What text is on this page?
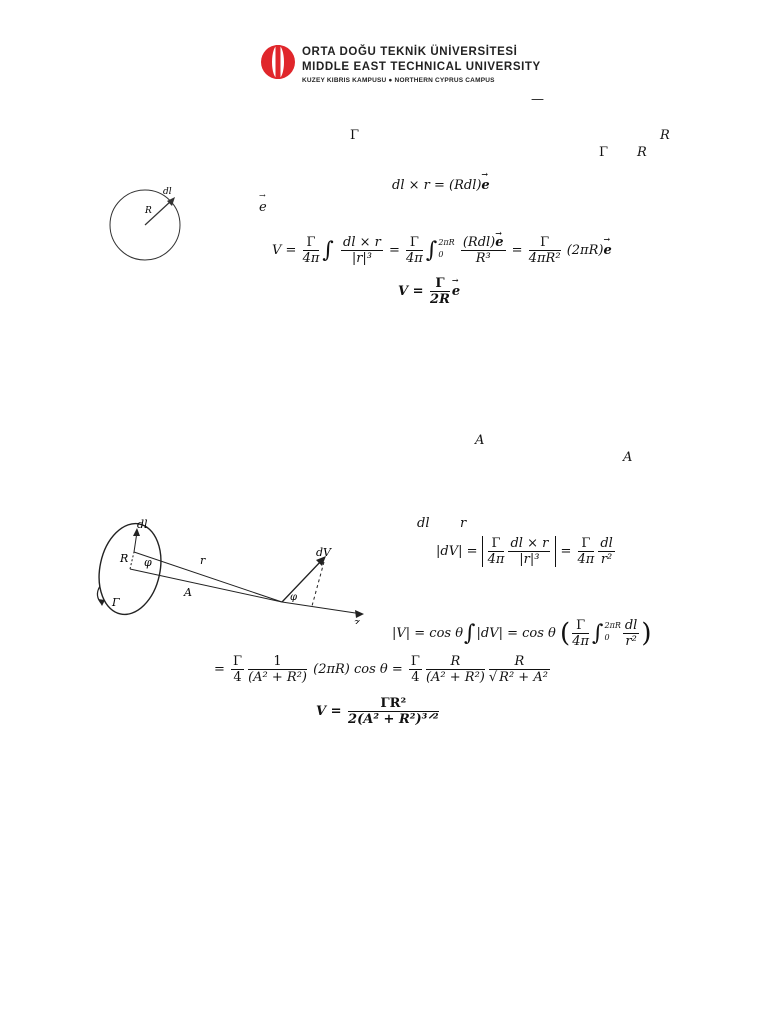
ORTA DOĞU TEKNİK ÜNİVERSİTESİ
MIDDLE EAST TECHNICAL UNIVERSITY
KUZEY KIBRIS KAMPUSU ● NORTHERN CYPRUS CAMPUS
—
Γ	R
Γ R
dl
R
dl × r = (Rdl)→ e
→ e
$V = \frac{\Gamma}{4\pi}$ ∫ $\frac{dl \times r}{\text{|r|³}} = \frac{\Gamma}{4\pi}$ ∫ 2πR
0
	$\frac{\text{(Rdl)→ e}}{\text{R³}} = \frac{\Gamma}{\text{4πR²}} (2\pi R)\to e$
$V = \frac{\Gamma}{2R}$
→ e
A
A
dl r
dl
R φ	r
dV
A	φ
z
Γ
$|dV| = \frac{\Gamma}{4\pi} \frac{dl \times r}{\text{|r|³}} = \frac{\Gamma}{4\pi} \frac{dl}{\text{r²}}$
|V| = cos θ∫|dV| = cos θ ( $\frac{\Gamma}{4\pi}$ ∫ 2πR
0	$\frac{dl}{\text{r²}}$ )
= $\frac{\Gamma}{4} \frac{1}{\text{(A² + R²)}} (2\pi R)$ $\cos \theta = \frac{\Gamma}{4} \frac{R}{\text{(A² + R²)}} \frac{R}{\text{√ R² + A²}}$
$V = \frac{\text{ΓR²}}{\text{2(A² + R²)³ᐟ²}}$
